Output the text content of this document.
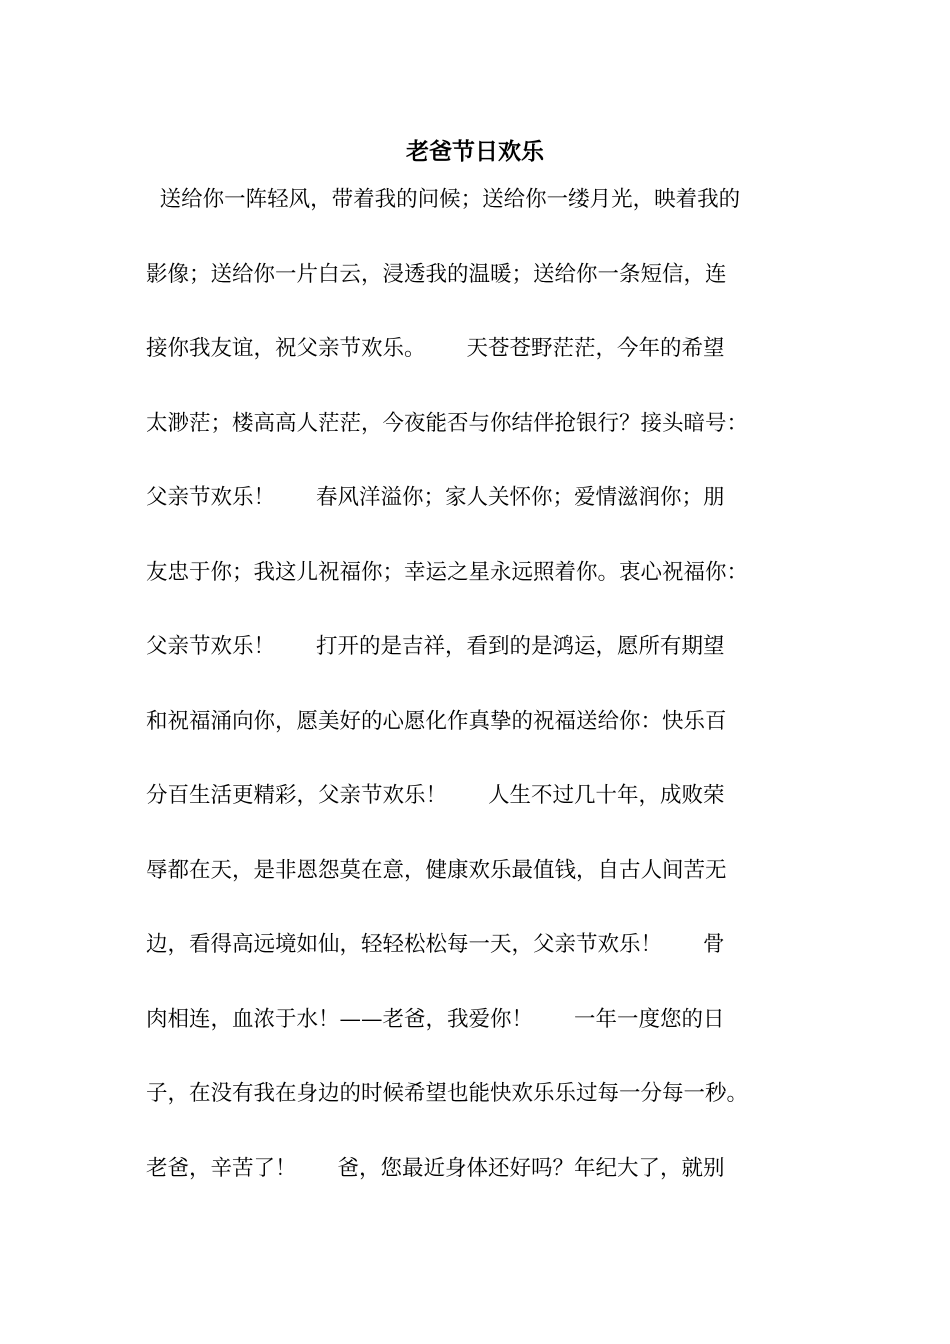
老爸节日欢乐
送给你一阵轻风，带着我的问候；送给你一缕月光，映着我的
影像；送给你一片白云，浸透我的温暖；送给你一条短信，连
接你我友谊，祝父亲节欢乐。      天苍苍野茫茫，今年的希望
太渺茫；楼高高人茫茫，今夜能否与你结伴抢银行？接头暗号：
父亲节欢乐！      春风洋溢你；家人关怀你；爱情滋润你；朋
友忠于你；我这儿祝福你；幸运之星永远照着你。衷心祝福你：
父亲节欢乐！      打开的是吉祥，看到的是鸿运，愿所有期望
和祝福涌向你，愿美好的心愿化作真挚的祝福送给你：快乐百
分百生活更精彩，父亲节欢乐！      人生不过几十年，成败荣
辱都在天，是非恩怨莫在意，健康欢乐最值钱，自古人间苦无
边，看得高远境如仙，轻轻松松每一天，父亲节欢乐！      骨
肉相连，血浓于水！——老爸，我爱你！      一年一度您的日
子，在没有我在身边的时候希望也能快欢乐乐过每一分每一秒。
老爸，辛苦了！      爸，您最近身体还好吗？年纪大了，就别
